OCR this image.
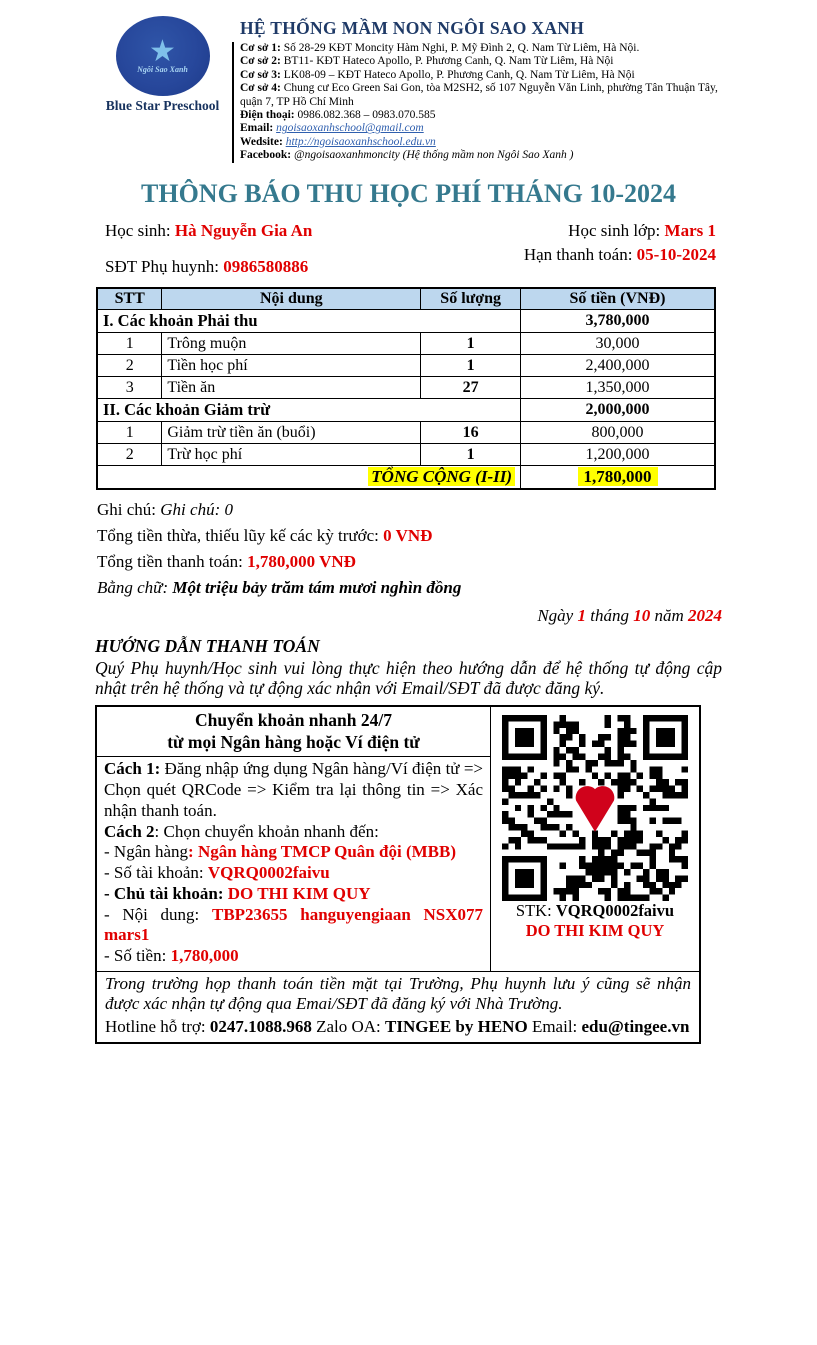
★
Ngôi Sao Xanh
Blue Star Preschool
HỆ THỐNG MẦM NON NGÔI SAO XANH
Cơ sở 1: Số 28-29 KĐT Moncity Hàm Nghi, P. Mỹ Đình 2, Q. Nam Từ Liêm, Hà Nội.
Cơ sở 2: BT11- KĐT Hateco Apollo, P. Phương Canh, Q. Nam Từ Liêm, Hà Nội
Cơ sở 3: LK08-09 – KĐT Hateco Apollo, P. Phương Canh, Q. Nam Từ Liêm, Hà Nội
Cơ sở 4: Chung cư Eco Green Sai Gon, tòa M2SH2, số 107 Nguyễn Văn Linh, phường Tân Thuận Tây, quận 7, TP Hồ Chí Minh
Điện thoại: 0986.082.368 – 0983.070.585
Email: ngoisaoxanhschool@gmail.com
Wedsite: http://ngoisaoxanhschool.edu.vn
Facebook: @ngoisaoxanhmoncity (Hệ thống mầm non Ngôi Sao Xanh )
THÔNG BÁO THU HỌC PHÍ THÁNG 10-2024
Học sinh: Hà Nguyễn Gia An	Học sinh lớp: Mars 1
SĐT Phụ huynh: 0986580886
Hạn thanh toán: 05-10-2024
STT	Nội dung	Số lượng	Số tiền (VNĐ)
I. Các khoản Phải thu			3,780,000
1	Trông muộn	1	30,000
2	Tiền học phí	1	2,400,000
3	Tiền ăn	27	1,350,000
II. Các khoản Giảm trừ			2,000,000
1	Giảm trừ tiền ăn (buổi)	16	800,000
2	Trừ học phí	1	1,200,000
TỔNG CỘNG (I-II)			1,780,000
Ghi chú: Ghi chú: 0
Tổng tiền thừa, thiếu lũy kế các kỳ trước: 0 VNĐ
Tổng tiền thanh toán: 1,780,000 VNĐ
Bằng chữ: Một triệu bảy trăm tám mươi nghìn đồng
Ngày 1 tháng 10 năm 2024
HƯỚNG DẪN THANH TOÁN
Quý Phụ huynh/Học sinh vui lòng thực hiện theo hướng dẫn để hệ thống tự động cập nhật trên hệ thống và tự động xác nhận với Email/SĐT đã được đăng ký.
Chuyển khoản nhanh 24/7
từ mọi Ngân hàng hoặc Ví điện tử
STK: VQRQ0002faivu
DO THI KIM QUY

Cách 1: Đăng nhập ứng dụng Ngân hàng/Ví điện tử => Chọn quét QRCode => Kiểm tra lại thông tin => Xác nhận thanh toán.

Cách 2: Chọn chuyển khoản nhanh đến:

- Ngân hàng: Ngân hàng TMCP Quân đội (MBB)

- Số tài khoản: VQRQ0002faivu

- Chủ tài khoản: DO THI KIM QUY

- Nội dung: TBP23655 hanguyengiaan NSX077 mars1

- Số tiền: 1,780,000

Trong trường họp thanh toán tiền mặt tại Trường, Phụ huynh lưu ý cũng sẽ nhận được xác nhận tự động qua Emai/SĐT đã đăng ký với Nhà Trường.

Hotline hỗ trợ: 0247.1088.968 Zalo OA: TINGEE by HENO Email: edu@tingee.vn
